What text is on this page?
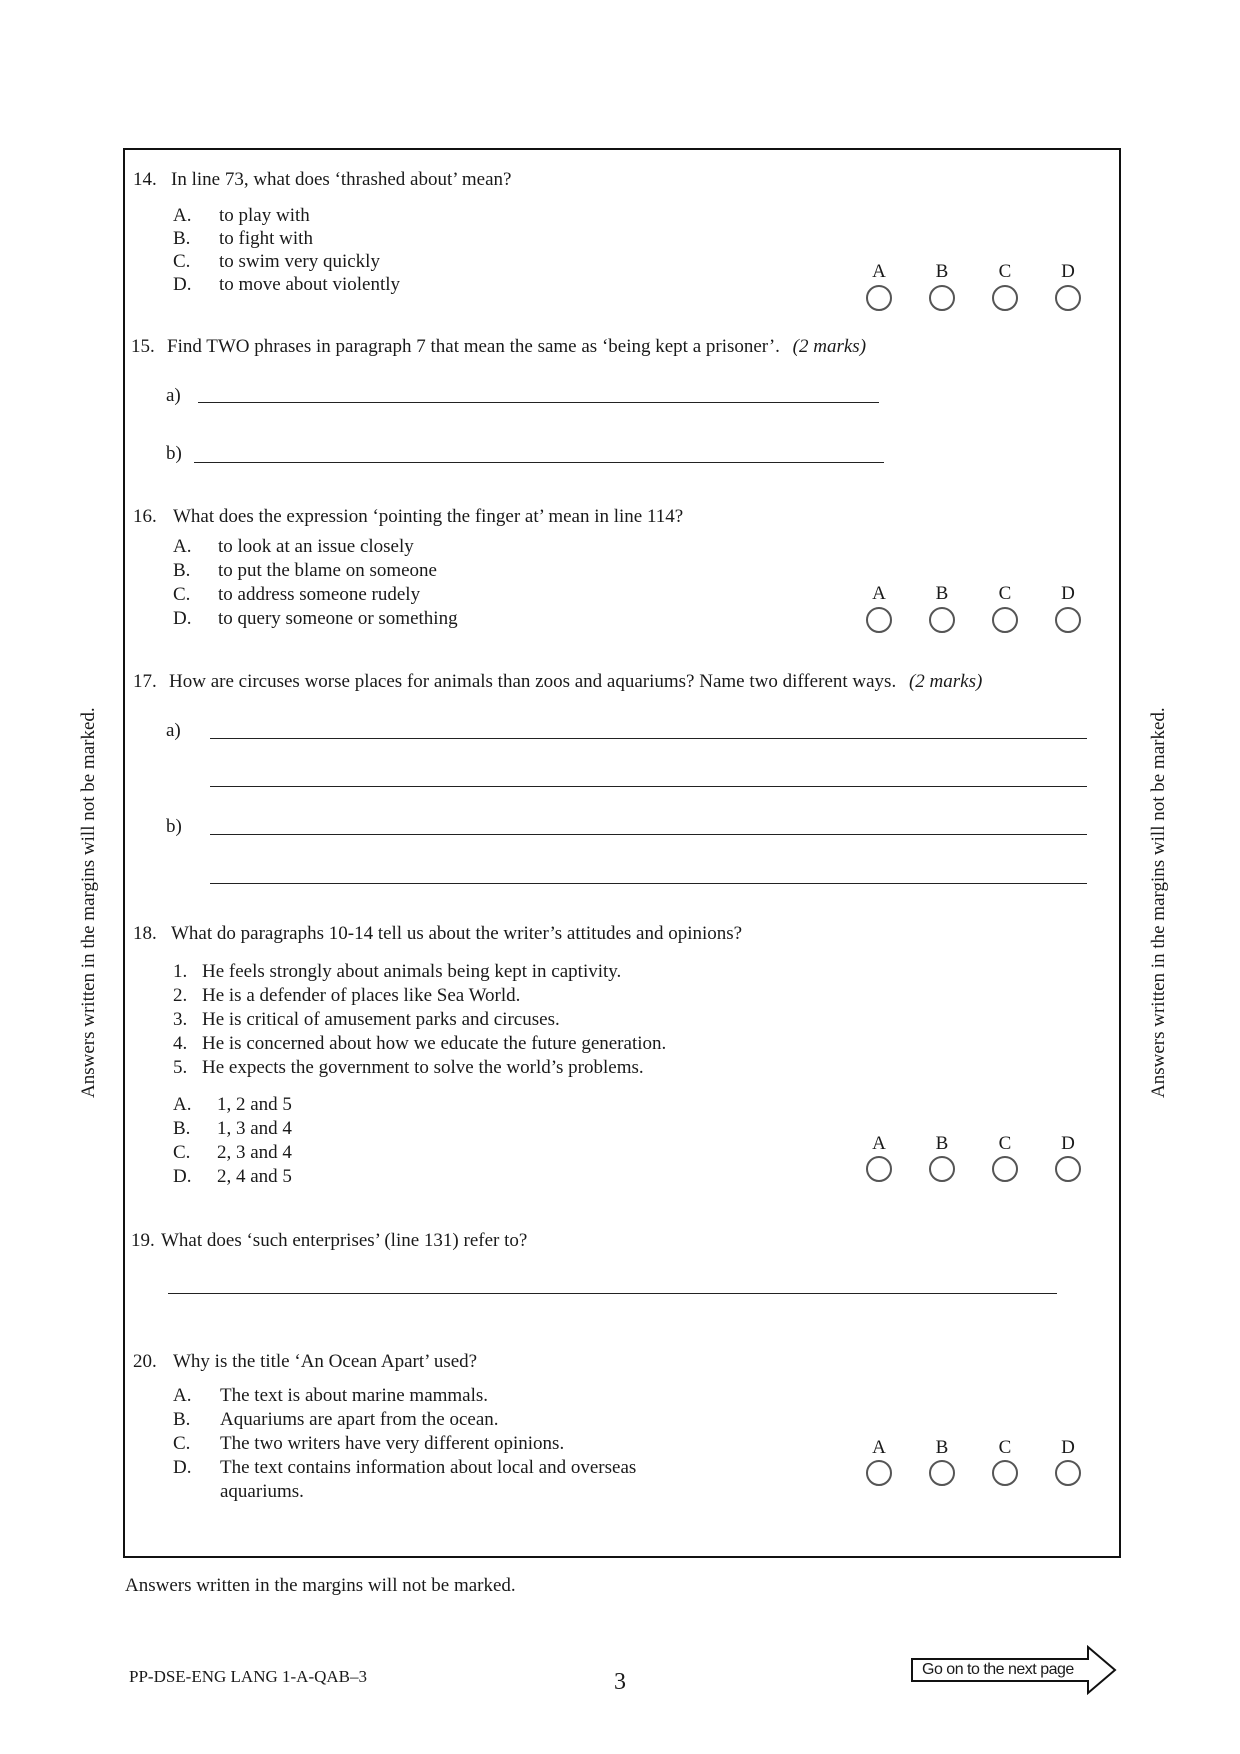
Answers written in the margins will not be marked.	Answers written in the margins will not be marked.
14. In line 73, what does ‘thrashed about’ mean?
A. to play with
B. to fight with
C. to swim very quickly
D. to move about violently
A	B	C	D
15. Find TWO phrases in paragraph 7 that mean the same as ‘being kept a prisoner’. (2 marks)
a)
b)
16. What does the expression ‘pointing the finger at’ mean in line 114?
A. to look at an issue closely
B. to put the blame on someone
C. to address someone rudely
D. to query someone or something
A	B	C	D
17. How are circuses worse places for animals than zoos and aquariums? Name two different ways. (2 marks)
a)
b)
18. What do paragraphs 10-14 tell us about the writer’s attitudes and opinions?
1. He feels strongly about animals being kept in captivity.
2. He is a defender of places like Sea World.
3. He is critical of amusement parks and circuses.
4. He is concerned about how we educate the future generation.
5. He expects the government to solve the world’s problems.
A. 1, 2 and 5
B. 1, 3 and 4
C. 2, 3 and 4
D. 2, 4 and 5
A	B	C	D
19. What does ‘such enterprises’ (line 131) refer to?
20. Why is the title ‘An Ocean Apart’ used?
A. The text is about marine mammals.
B. Aquariums are apart from the ocean.
C. The two writers have very different opinions.
D. The text contains information about local and overseas
aquariums.
A	B	C	D
Answers written in the margins will not be marked.
PP-DSE-ENG LANG 1-A-QAB–3	3	Go on to the next page
